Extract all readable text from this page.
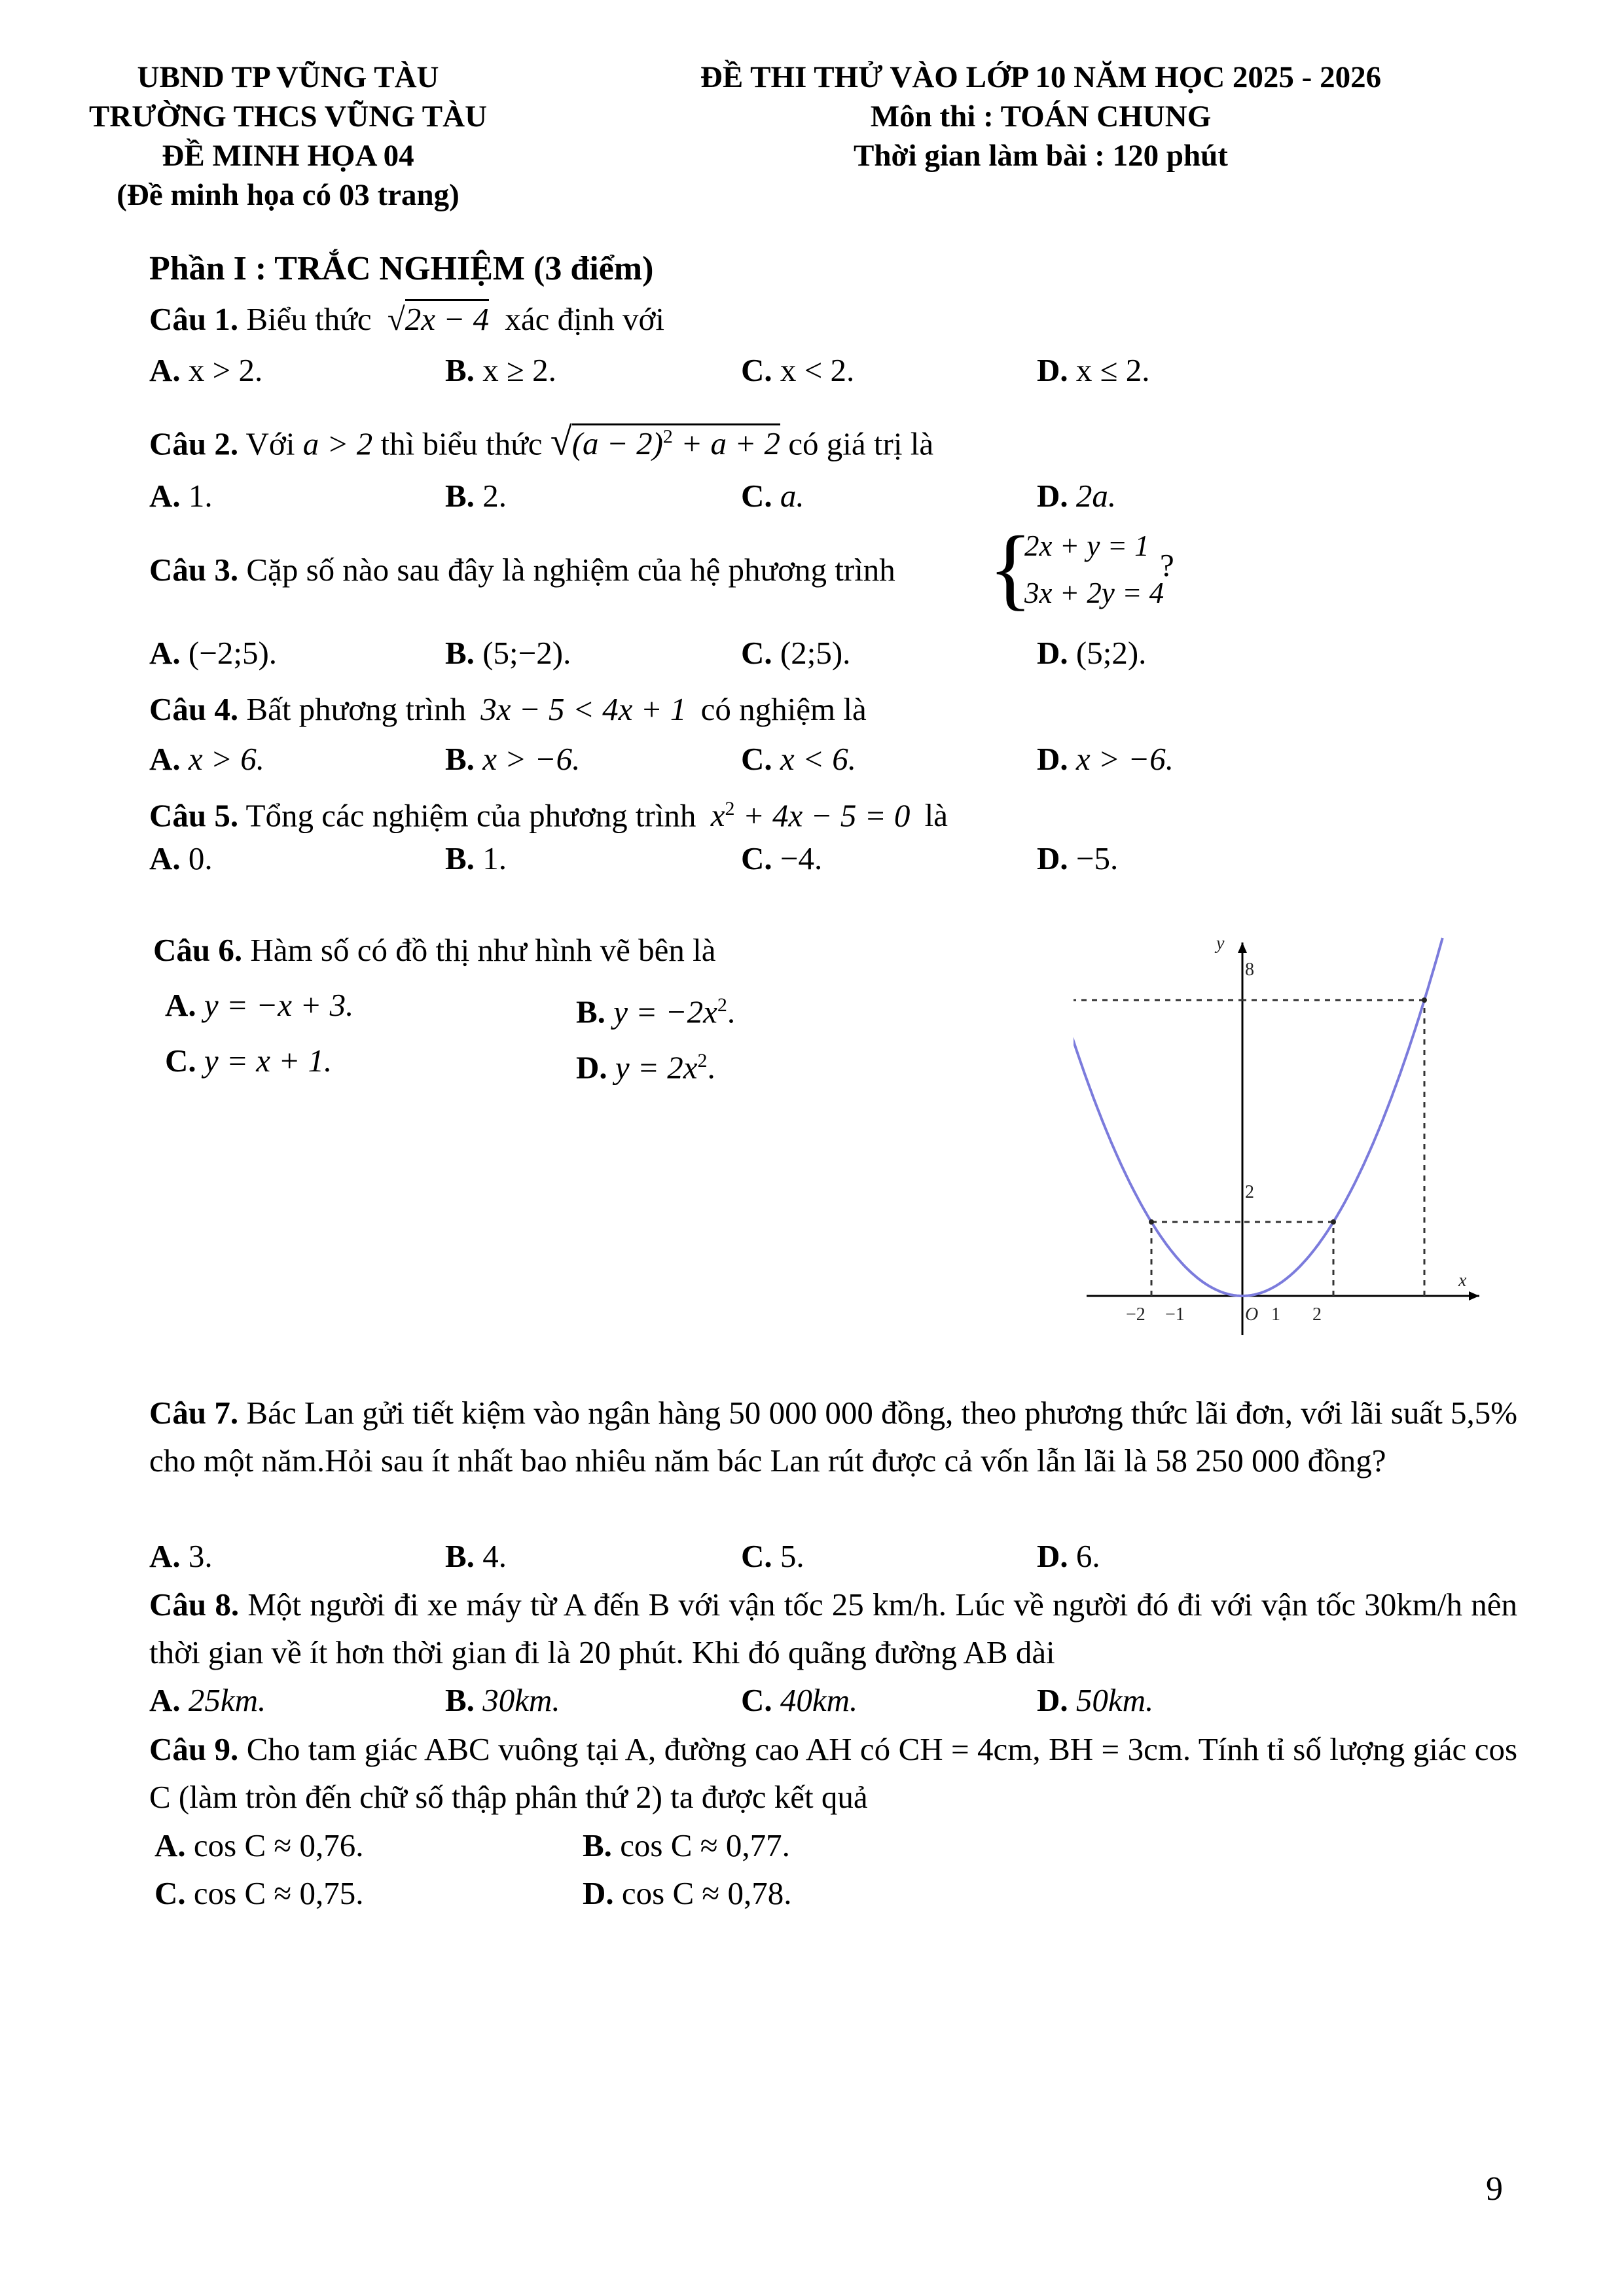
UBND TP VŨNG TÀU
TRƯỜNG THCS VŨNG TÀU
ĐỀ MINH HỌA 04
(Đề minh họa có 03 trang)
ĐỀ THI THỬ VÀO LỚP 10 NĂM HỌC 2025 - 2026
Môn thi : TOÁN CHUNG
Thời gian làm bài : 120 phút
Phần I : TRẮC NGHIỆM (3 điểm)
Câu 1. Biểu thức √2x − 4 xác định với
A. x > 2.	B. x ≥ 2.	C. x < 2.	D. x ≤ 2.
Câu 2. Với a > 2 thì biểu thức $√(a - 2)^2 + a + 2$ có giá trị là
A. 1.	B. 2.	C. a.	D. 2a.
Câu 3. Cặp số nào sau đây là nghiệm của hệ phương trình {
2x + y = 1
3x + 2y = 4
?
A. (−2;5).	B. (5;−2).	C. (2;5).	D. (5;2).
Câu 4. Bất phương trình 3x − 5 < 4x + 1 có nghiệm là
A. x > 6.	B. x > −6.	C. x < 6.	D. x > −6.
Câu 5. Tổng các nghiệm của phương trình $x^2 + 4x - 5 = 0$ là
A. 0.	B. 1.	C. −4.	D. −5.
Câu 6. Hàm số có đồ thị như hình vẽ bên là
A. y = −x + 3.	B. $y = -2x^2$.
C. y = x + 1.	D. $y = 2x^2$.
y
x
O
−2 −1	1 2
8
2
Câu 7. Bác Lan gửi tiết kiệm vào ngân hàng 50 000 000 đồng, theo phương thức lãi đơn, với lãi suất 5,5% cho một năm.Hỏi sau ít nhất bao nhiêu năm bác Lan rút được cả vốn lẫn lãi là 58 250 000 đồng?
A. 3.	B. 4.	C. 5.	D. 6.
Câu 8. Một người đi xe máy từ A đến B với vận tốc 25 km/h. Lúc về người đó đi với vận tốc 30km/h nên thời gian về ít hơn thời gian đi là 20 phút. Khi đó quãng đường AB dài
A. 25km.	B. 30km.	C. 40km.	D. 50km.
Câu 9. Cho tam giác ABC vuông tại A, đường cao AH có CH = 4cm, BH = 3cm. Tính tỉ số lượng giác cos C (làm tròn đến chữ số thập phân thứ 2) ta được kết quả
A. cos C ≈ 0,76.	B. cos C ≈ 0,77.
C. cos C ≈ 0,75.	D. cos C ≈ 0,78.
9
